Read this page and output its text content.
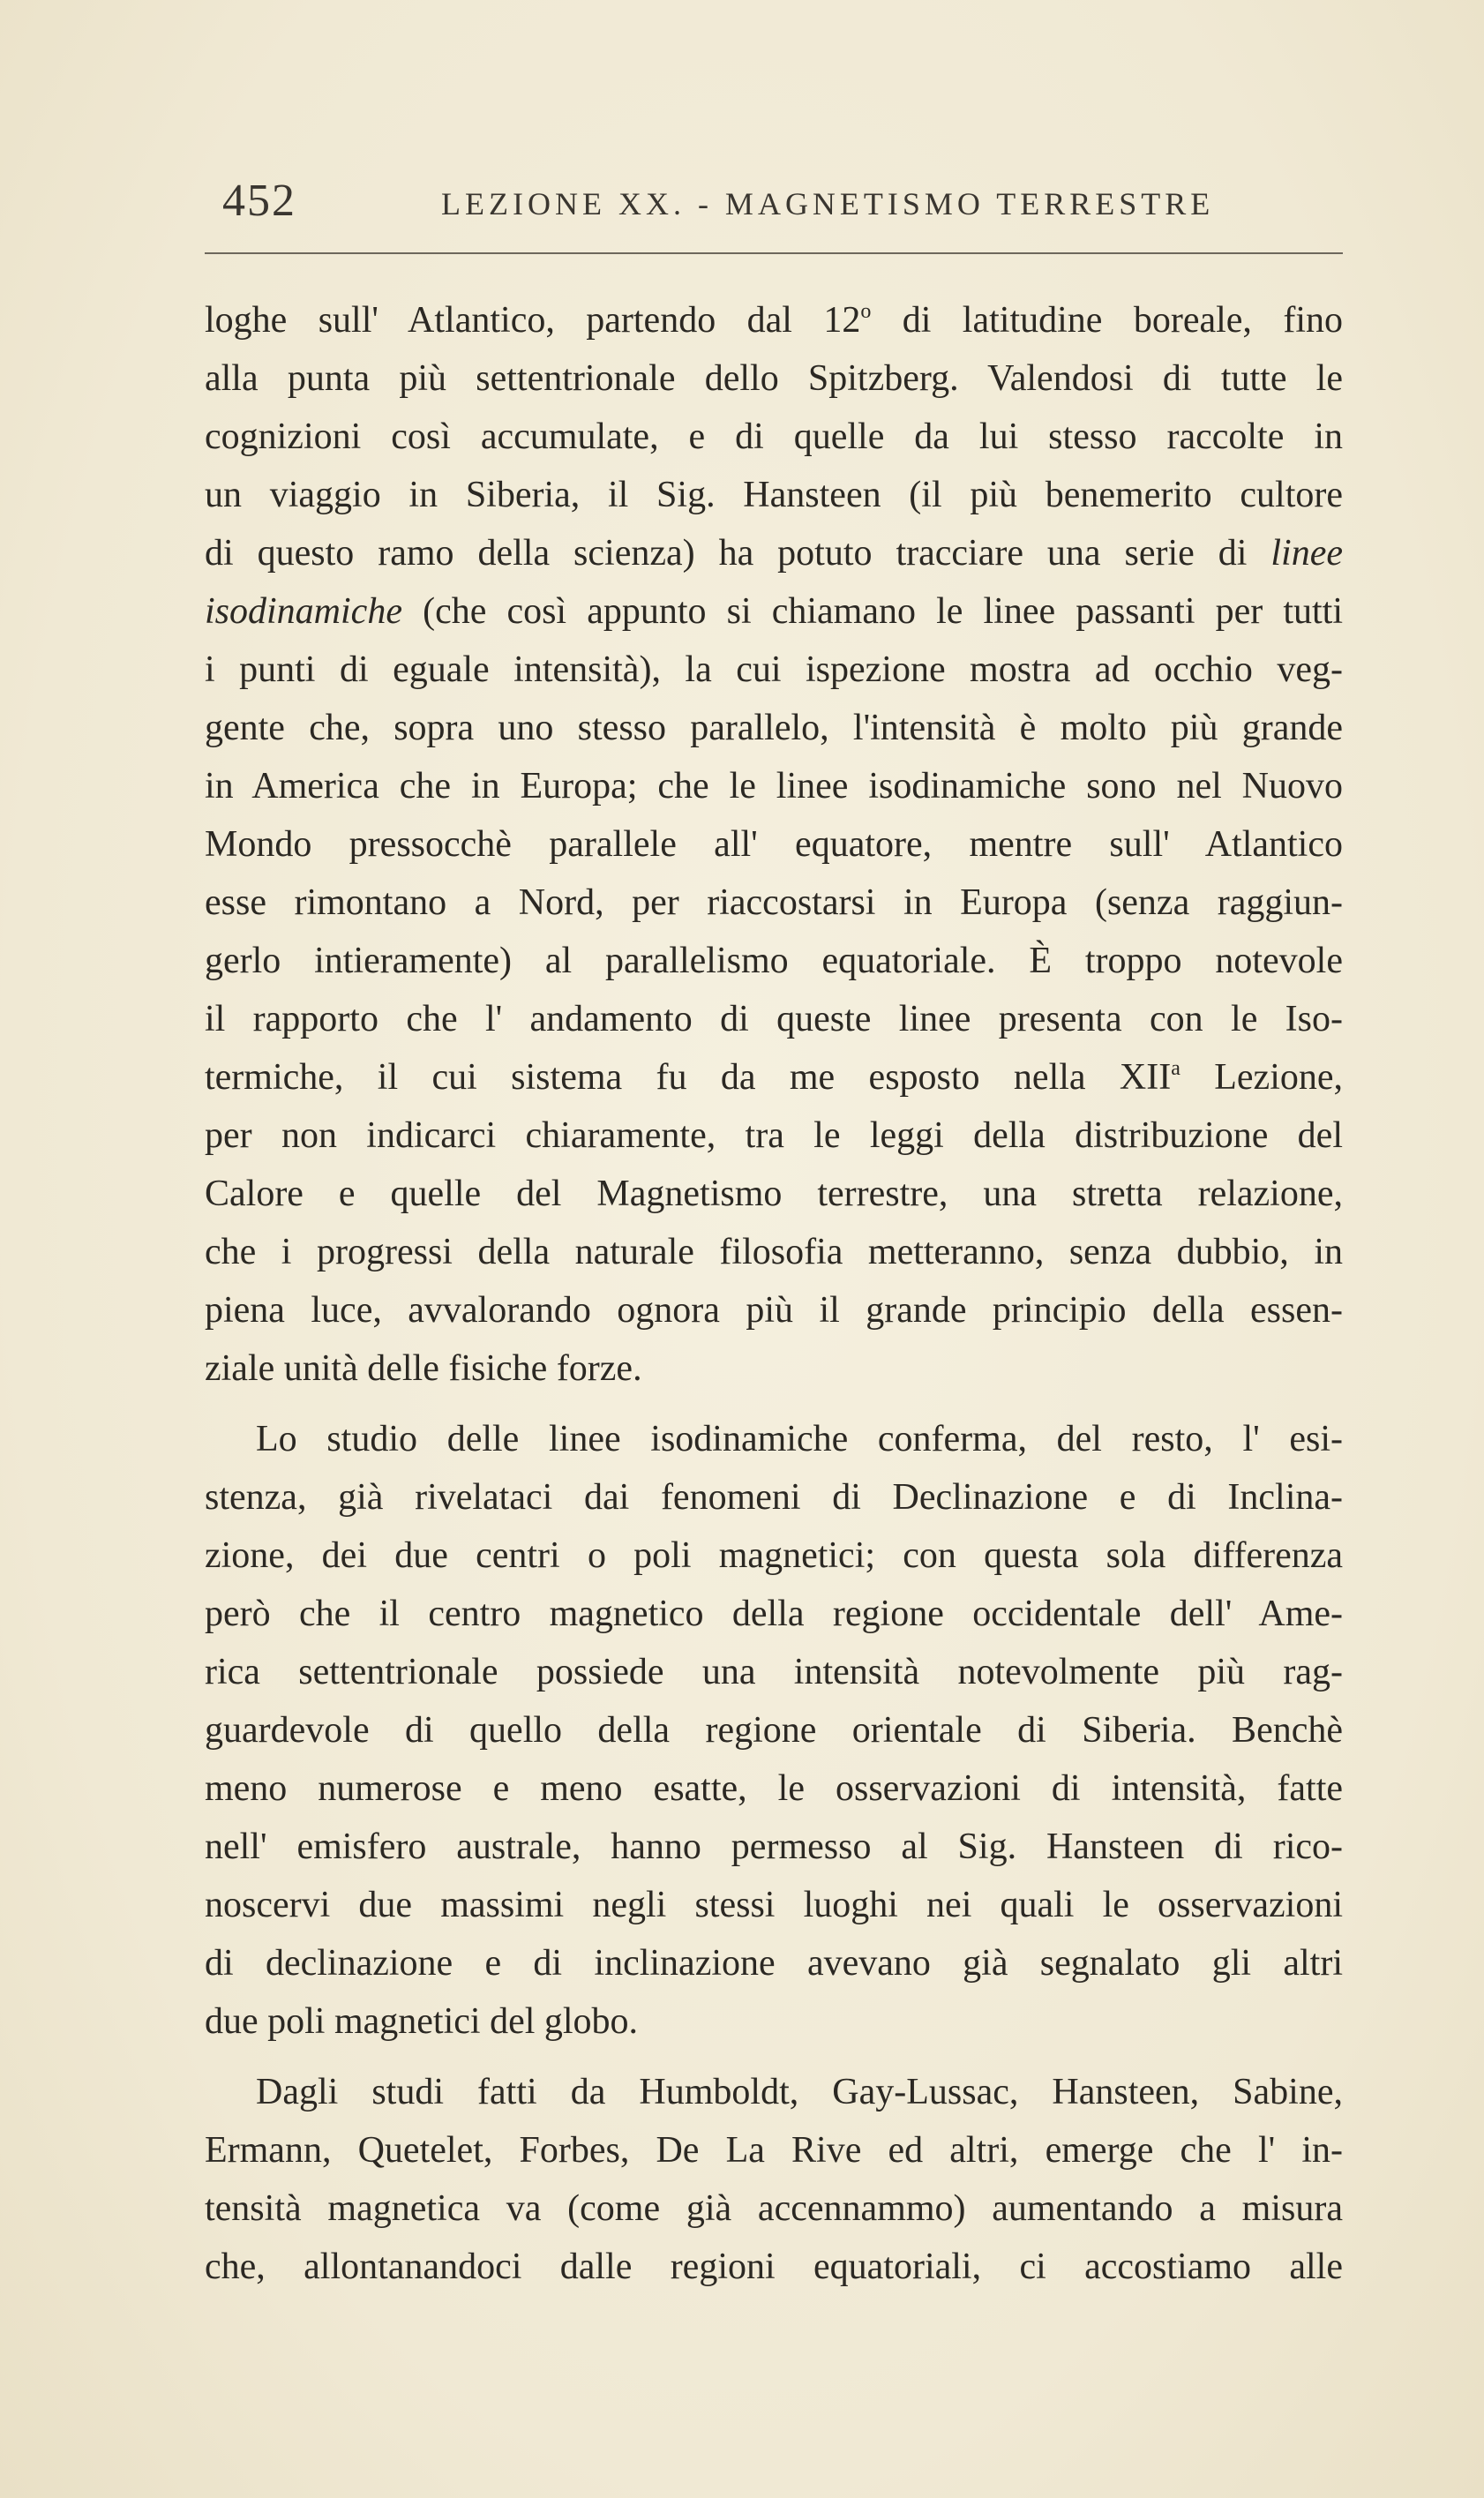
452	LEZIONE XX. - MAGNETISMO TERRESTRE
loghe sull' Atlantico, partendo dal 12$^o$ di latitudine boreale, fino
alla punta più settentrionale dello Spitzberg. Valendosi di tutte le
cognizioni così accumulate, e di quelle da lui stesso raccolte in
un viaggio in Siberia, il Sig. Hansteen (il più benemerito cultore
di questo ramo della scienza) ha potuto tracciare una serie di linee
isodinamiche (che così appunto si chiamano le linee passanti per tutti
i punti di eguale intensità), la cui ispezione mostra ad occhio veg-
gente che, sopra uno stesso parallelo, l'intensità è molto più grande
in America che in Europa; che le linee isodinamiche sono nel Nuovo
Mondo pressocchè parallele all' equatore, mentre sull' Atlantico
esse rimontano a Nord, per riaccostarsi in Europa (senza raggiun-
gerlo intieramente) al parallelismo equatoriale. È troppo notevole
il rapporto che l' andamento di queste linee presenta con le Iso-
termiche, il cui sistema fu da me esposto nella XII$^a$ Lezione,
per non indicarci chiaramente, tra le leggi della distribuzione del
Calore e quelle del Magnetismo terrestre, una stretta relazione,
che i progressi della naturale filosofia metteranno, senza dubbio, in
piena luce, avvalorando ognora più il grande principio della essen-
ziale unità delle fisiche forze.
Lo studio delle linee isodinamiche conferma, del resto, l' esi-
stenza, già rivelataci dai fenomeni di Declinazione e di Inclina-
zione, dei due centri o poli magnetici; con questa sola differenza
però che il centro magnetico della regione occidentale dell' Ame-
rica settentrionale possiede una intensità notevolmente più rag-
guardevole di quello della regione orientale di Siberia. Benchè
meno numerose e meno esatte, le osservazioni di intensità, fatte
nell' emisfero australe, hanno permesso al Sig. Hansteen di rico-
noscervi due massimi negli stessi luoghi nei quali le osservazioni
di declinazione e di inclinazione avevano già segnalato gli altri
due poli magnetici del globo.
Dagli studi fatti da Humboldt, Gay-Lussac, Hansteen, Sabine,
Ermann, Quetelet, Forbes, De La Rive ed altri, emerge che l' in-
tensità magnetica va (come già accennammo) aumentando a misura
che, allontanandoci dalle regioni equatoriali, ci accostiamo alle
